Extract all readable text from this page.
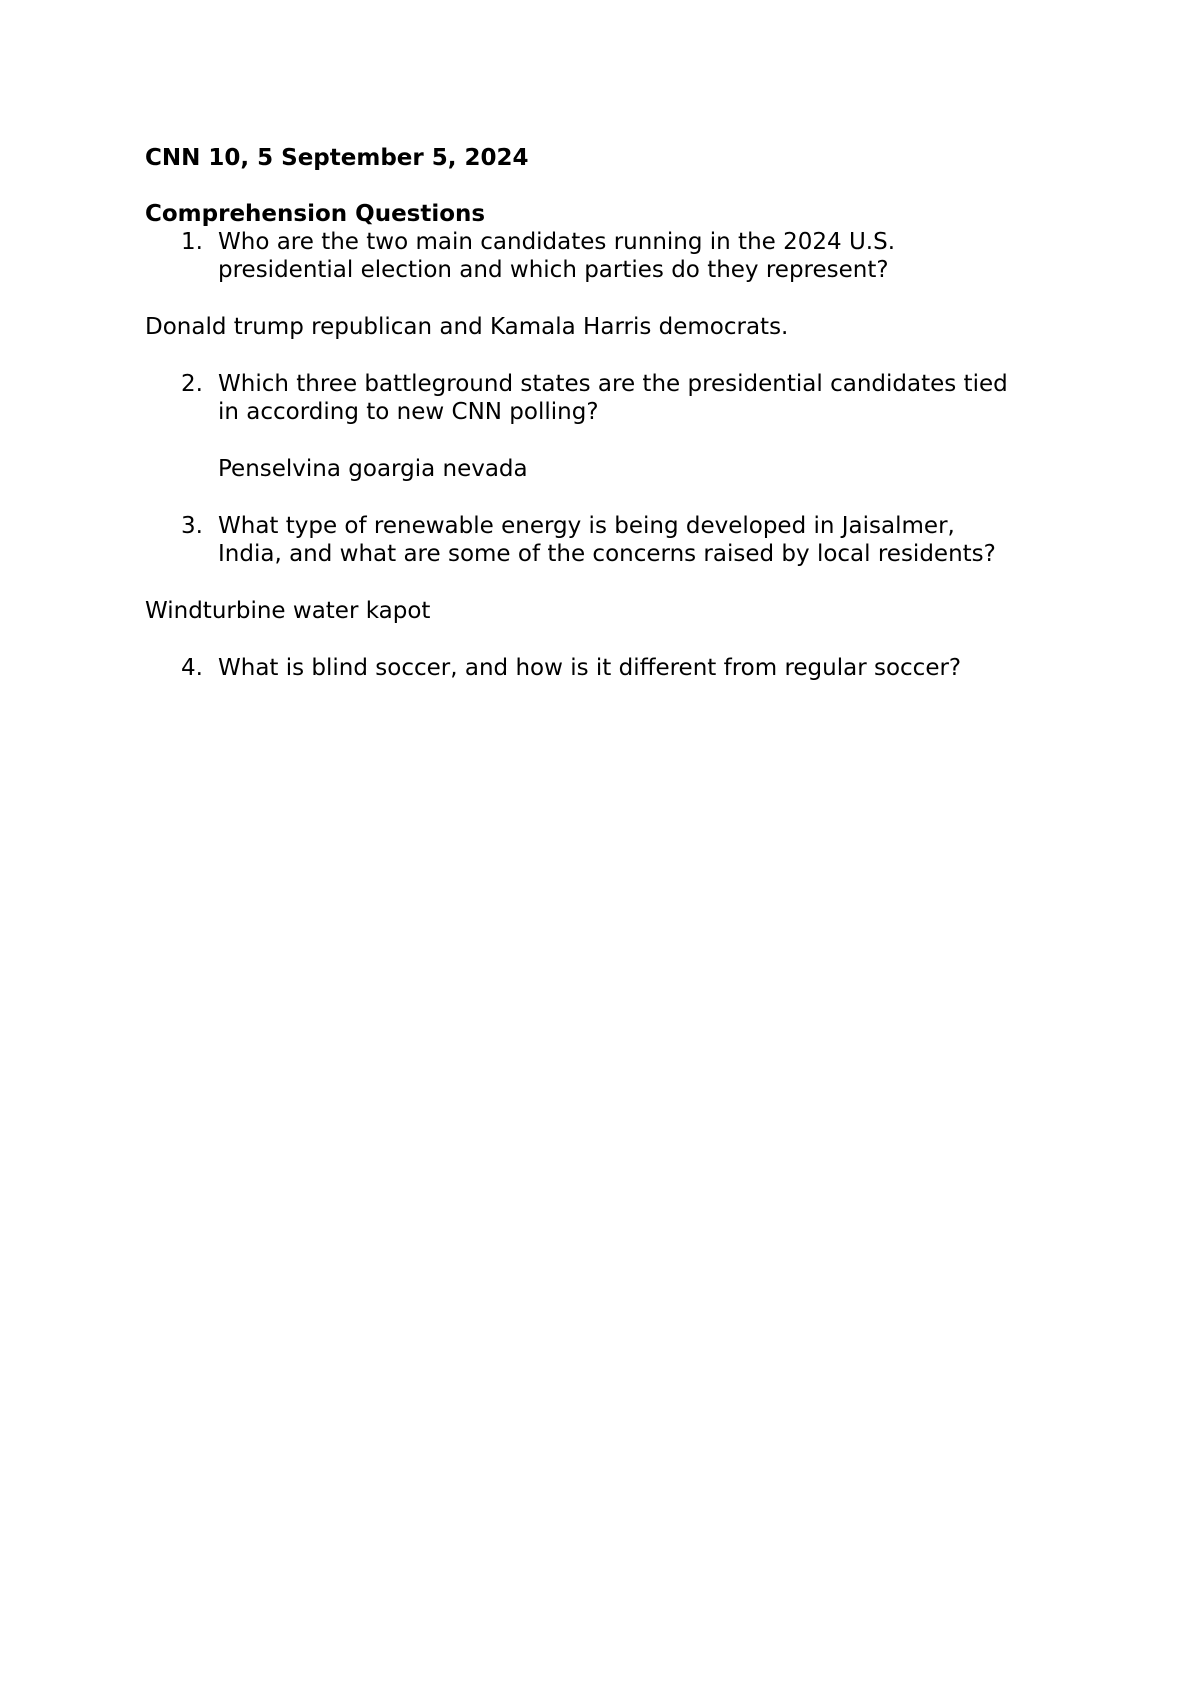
CNN 10, 5 September 5, 2024
Comprehension Questions
1. Who are the two main candidates running in the 2024 U.S.
presidential election and which parties do they represent?
Donald trump republican and Kamala Harris democrats.
2. Which three battleground states are the presidential candidates tied
in according to new CNN polling?
Penselvina goargia nevada
3. What type of renewable energy is being developed in Jaisalmer,
India, and what are some of the concerns raised by local residents?
Windturbine water kapot
4. What is blind soccer, and how is it different from regular soccer?
